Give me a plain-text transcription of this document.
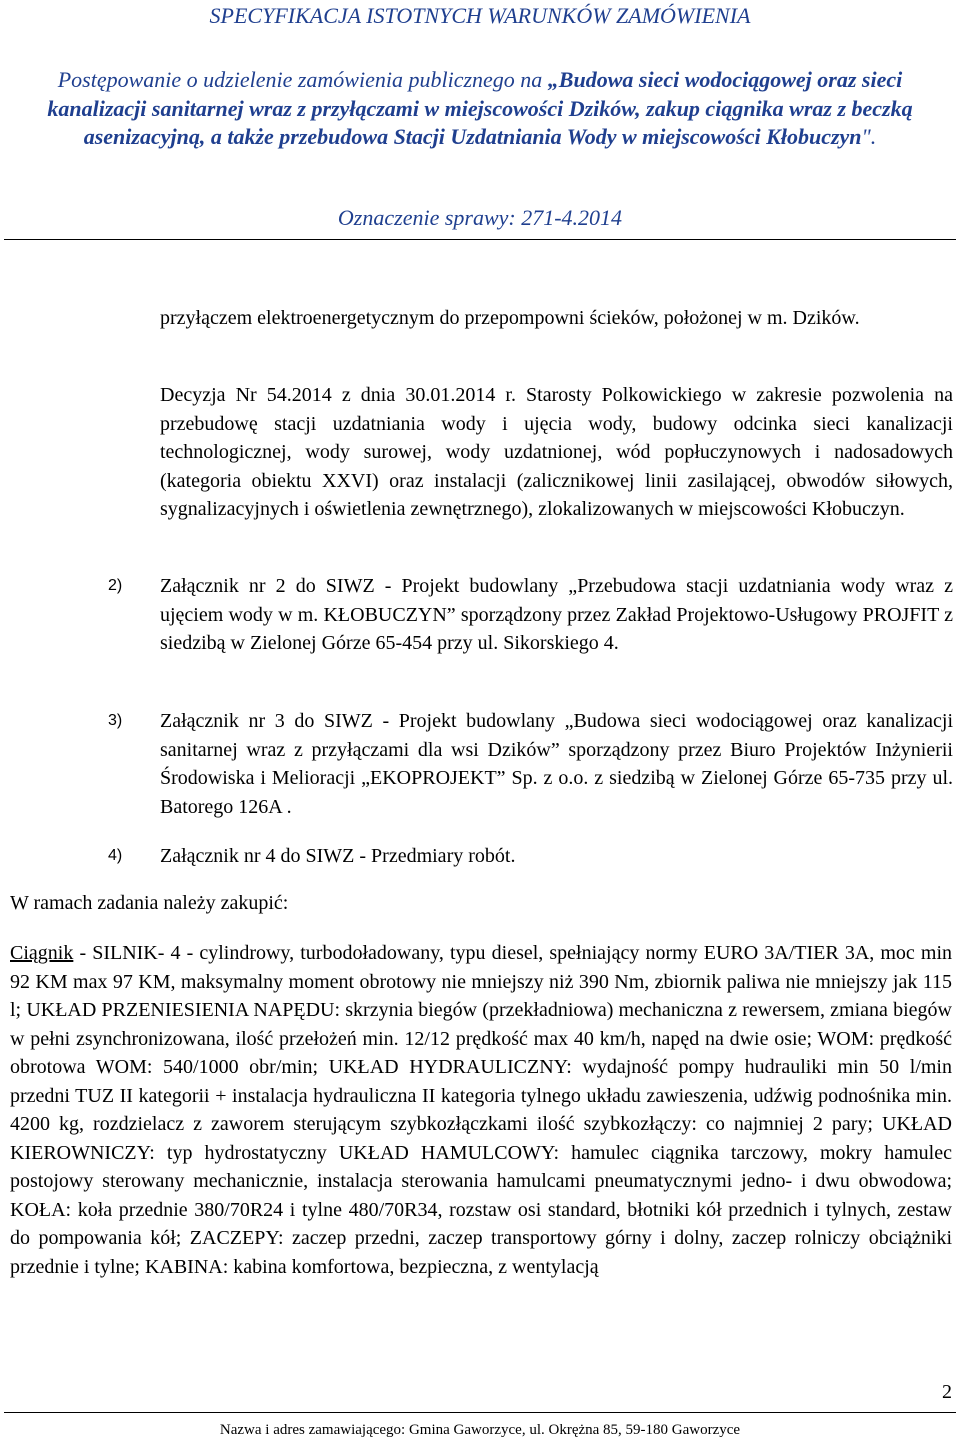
SPECYFIKACJA ISTOTNYCH WARUNKÓW ZAMÓWIENIA
Postępowanie o udzielenie zamówienia publicznego na „Budowa sieci wodociągowej oraz sieci kanalizacji sanitarnej wraz z przyłączami w miejscowości Dzików, zakup ciągnika wraz z beczką asenizacyjną, a także przebudowa Stacji Uzdatniania Wody w miejscowości Kłobuczyn".
Oznaczenie sprawy: 271-4.2014
przyłączem elektroenergetycznym do przepompowni ścieków, położonej w m. Dzików.
Decyzja Nr 54.2014 z dnia 30.01.2014 r. Starosty Polkowickiego w zakresie pozwolenia na przebudowę stacji uzdatniania wody i ujęcia wody, budowy odcinka sieci kanalizacji technologicznej, wody surowej, wody uzdatnionej, wód popłuczynowych i nadosadowych (kategoria obiektu XXVI) oraz instalacji (zalicznikowej linii zasilającej, obwodów siłowych, sygnalizacyjnych i oświetlenia zewnętrznego), zlokalizowanych w miejscowości Kłobuczyn.
2)	Załącznik nr 2 do SIWZ - Projekt budowlany „Przebudowa stacji uzdatniania wody wraz z ujęciem wody w m. KŁOBUCZYN” sporządzony przez Zakład Projektowo-Usługowy PROJFIT z siedzibą w Zielonej Górze 65-454 przy ul. Sikorskiego 4.
3)	Załącznik nr 3 do SIWZ - Projekt budowlany „Budowa sieci wodociągowej oraz kanalizacji sanitarnej wraz z przyłączami dla wsi Dzików” sporządzony przez Biuro Projektów Inżynierii Środowiska i Melioracji „EKOPROJEKT” Sp. z o.o. z siedzibą w Zielonej Górze 65-735 przy ul. Batorego 126A .
4)	Załącznik nr 4 do SIWZ - Przedmiary robót.
W ramach zadania należy zakupić:
Ciągnik - SILNIK- 4 - cylindrowy, turbodoładowany, typu diesel, spełniający normy EURO 3A/TIER 3A, moc min 92 KM max 97 KM, maksymalny moment obrotowy nie mniejszy niż 390 Nm, zbiornik paliwa nie mniejszy jak 115 l; UKŁAD PRZENIESIENIA NAPĘDU: skrzynia biegów (przekładniowa) mechaniczna z rewersem, zmiana biegów w pełni zsynchronizowana, ilość przełożeń min. 12/12 prędkość max 40 km/h, napęd na dwie osie; WOM: prędkość obrotowa WOM: 540/1000 obr/min; UKŁAD HYDRAULICZNY: wydajność pompy hudrauliki min 50 l/min przedni TUZ II kategorii + instalacja hydrauliczna II kategoria tylnego układu zawieszenia, udźwig podnośnika min. 4200 kg, rozdzielacz z zaworem sterującym szybkozłączkami ilość szybkozłączy: co najmniej 2 pary; UKŁAD KIEROWNICZY: typ hydrostatyczny UKŁAD HAMULCOWY: hamulec ciągnika tarczowy, mokry hamulec postojowy sterowany mechanicznie, instalacja sterowania hamulcami pneumatycznymi jedno- i dwu obwodowa; KOŁA: koła przednie 380/70R24 i tylne 480/70R34, rozstaw osi standard, błotniki kół przednich i tylnych, zestaw do pompowania kół; ZACZEPY: zaczep przedni, zaczep transportowy górny i dolny, zaczep rolniczy obciążniki przednie i tylne; KABINA: kabina komfortowa, bezpieczna, z wentylacją
2
Nazwa i adres zamawiającego: Gmina Gaworzyce, ul. Okrężna 85, 59-180 Gaworzyce
